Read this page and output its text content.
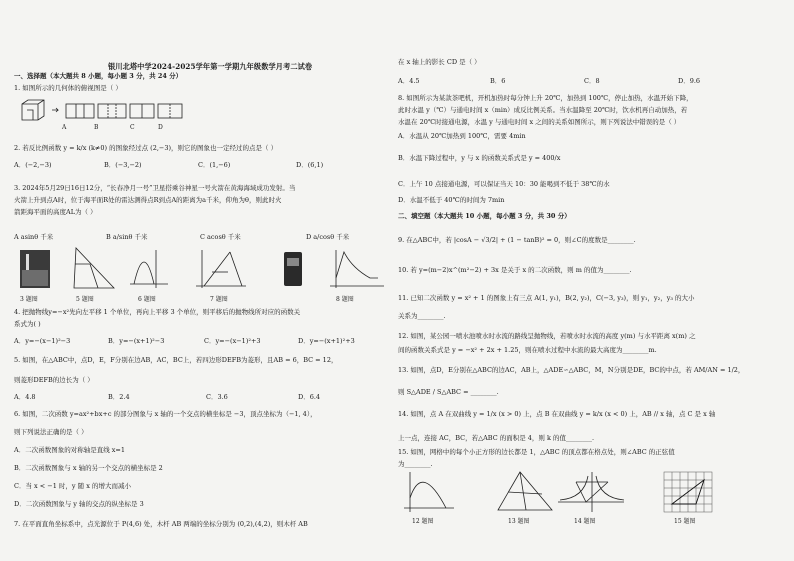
银川北塔中学2024-2025学年第一学期九年级数学月考二试卷
一、选择题（本大题共 8 小题，每小题 3 分，共 24 分）
1. 如图所示的几何体的俯视图是（ ）
A	B	C	D
2. 若反比例函数 y = k/x (k≠0) 的图象经过点 (2,−3)，则它的图象也一定经过的点是（ ）
A．(−2,−3)	B．(−3,−2)	C．(1,−6)	D．(6,1)
3. 2024年5月29日16日12分，“长春净月一号”卫星搭乘谷神星一号火箭在黄海海域成功发射。当
火箭上升到点A时，位于海平面R处的雷达测得点R到点A的距离为a千米，仰角为θ，则此时火
箭距海平面的高度AL为（ ）
A asinθ 千米	B a/sinθ 千米	C acosθ 千米	D a/cosθ 千米
3 题图	5 题图	6 题图	7 题图	8 题图
4. 把抛物线y=−x²先向左平移 1 个单位，再向上平移 3 个单位，则平移后的抛物线所对应的函数关
系式为( )
A．y=−(x−1)²−3	B．y=−(x+1)²−3	C．y=−(x−1)²+3	D．y=−(x+1)²+3
5. 如图，在△ABC中，点D，E，F分别在边AB，AC，BC上，若四边形DEFB为菱形，且AB = 6，BC = 12，
则菱形DEFB的边长为（ ）
A．4.8	B．2.4	C．3.6	D．6.4
6. 如图，二次函数 y=ax²+bx+c 的部分图象与 x 轴的一个交点的横坐标是 −3，顶点坐标为（−1, 4），
则下列说法正确的是（ ）
A．二次函数图象的对称轴是直线 x=1
B．二次函数图象与 x 轴的另一个交点的横坐标是 2
C．当 x < −1 时，y 随 x 的增大而减小
D．二次函数图象与 y 轴的交点的纵坐标是 3
7. 在平面直角坐标系中，点光源位于 P(4,6) 处，木杆 AB 两端的坐标分别为 (0,2),(4,2)，则木杆 AB
在 x 轴上的影长 CD 是（ ）
A．4.5	B．6	C．8	D．9.6
8. 如图所示为某款茶吧机，开机加热时每分钟上升 20℃，加热到 100℃，停止加热，水温开始下降，
此时水温 y（℃）与通电时间 x（min）成反比例关系。当水温降至 20℃时，饮水机再自动加热，若
水温在 20℃时接通电源，水温 y 与通电时间 x 之间的关系如图所示，则下列说法中错误的是（ ）
A．水温从 20℃加热到 100℃，需要 4min
B．水温下降过程中，y 与 x 的函数关系式是 y = 400/x
C．上午 10 点接通电源，可以保证当天 10：30 能喝到不低于 38℃的水
D．水温不低于 40℃的时间为 7min
二、填空题（本大题共 10 小题，每小题 3 分，共 30 分）
9. 在△ABC中，若 |cosA − √3/2| + (1 − tanB)² = 0，则∠C的度数是________.
10. 若 y=(m−2)x^(m²−2) + 3x 是关于 x 的二次函数，则 m 的值为________.
11. 已知二次函数 y = x² + 1 的图象上有三点 A(1, y₁)，B(2, y₂)，C(−3, y₃)，则 y₁，y₂，y₃ 的大小
关系为________.
12. 如图，某公园一喷水池喷水时水流的路线呈抛物线，若喷水时水流的高度 y(m) 与水平距离 x(m) 之
间的函数关系式是 y = −x² + 2x + 1.25，则在喷水过程中水流的最大高度为________m.
13. 如图，点D，E分别在△ABC的边AC，AB上，△ADE∽△ABC，M，N分别是DE，BC的中点，若 AM/AN = 1/2，
则 S△ADE / S△ABC = ________.
14. 如图，点 A 在双曲线 y = 1/x (x > 0) 上，点 B 在双曲线 y = k/x (x < 0) 上，AB // x 轴，点 C 是 x 轴
上一点，连接 AC，BC，若△ABC 的面积是 4，则 k 的值________.
15. 如图，网格中的每个小正方形的边长都是 1，△ABC 的顶点都在格点处，则∠ABC 的正弦值
为________.
12 题图	13 题图	14 题图	15 题图
